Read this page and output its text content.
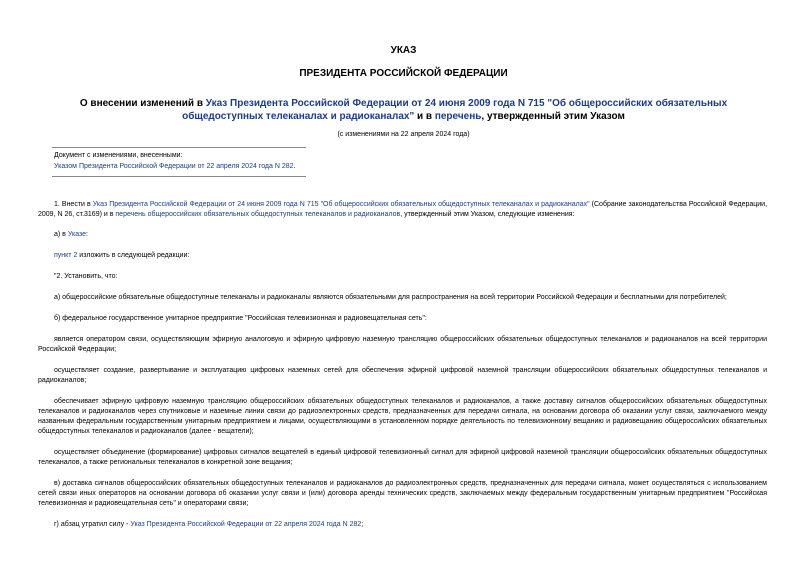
УКАЗ
ПРЕЗИДЕНТА РОССИЙСКОЙ ФЕДЕРАЦИИ
О внесении изменений в Указ Президента Российской Федерации от 24 июня 2009 года N 715 "Об общероссийских обязательных общедоступных телеканалах и радиоканалах" и в перечень, утвержденный этим Указом
(с изменениями на 22 апреля 2024 года)
Документ с изменениями, внесенными:
Указом Президента Российской Федерации от 22 апреля 2024 года N 282.
1. Внести в Указ Президента Российской Федерации от 24 июня 2009 года N 715 "Об общероссийских обязательных общедоступных телеканалах и радиоканалах" (Собрание законодательства Российской Федерации, 2009, N 26, ст.3169) и в перечень общероссийских обязательных общедоступных телеканалов и радиоканалов, утвержденный этим Указом, следующие изменения:
а) в Указе:
пункт 2 изложить в следующей редакции:
"2. Установить, что:
а) общероссийские обязательные общедоступные телеканалы и радиоканалы являются обязательными для распространения на всей территории Российской Федерации и бесплатными для потребителей;
б) федеральное государственное унитарное предприятие "Российская телевизионная и радиовещательная сеть":
является оператором связи, осуществляющим эфирную аналоговую и эфирную цифровую наземную трансляцию общероссийских обязательных общедоступных телеканалов и радиоканалов на всей территории Российской Федерации;
осуществляет создание, развертывание и эксплуатацию цифровых наземных сетей для обеспечения эфирной цифровой наземной трансляции общероссийских обязательных общедоступных телеканалов и радиоканалов;
обеспечивает эфирную цифровую наземную трансляцию общероссийских обязательных общедоступных телеканалов и радиоканалов, а также доставку сигналов общероссийских обязательных общедоступных телеканалов и радиоканалов через спутниковые и наземные линии связи до радиоэлектронных средств, предназначенных для передачи сигнала, на основании договора об оказании услуг связи, заключаемого между названным федеральным государственным унитарным предприятием и лицами, осуществляющими в установленном порядке деятельность по телевизионному вещанию и радиовещанию общероссийских обязательных общедоступных телеканалов и радиоканалов (далее - вещатели);
осуществляет объединение (формирование) цифровых сигналов вещателей в единый цифровой телевизионный сигнал для эфирной цифровой наземной трансляции общероссийских обязательных общедоступных телеканалов, а также региональных телеканалов в конкретной зоне вещания;
в) доставка сигналов общероссийских обязательных общедоступных телеканалов и радиоканалов до радиоэлектронных средств, предназначенных для передачи сигнала, может осуществляться с использованием сетей связи иных операторов на основании договора об оказании услуг связи и (или) договора аренды технических средств, заключаемых между федеральным государственным унитарным предприятием "Российская телевизионная и радиовещательная сеть" и операторами связи;
г) абзац утратил силу - Указ Президента Российской Федерации от 22 апреля 2024 года N 282;
